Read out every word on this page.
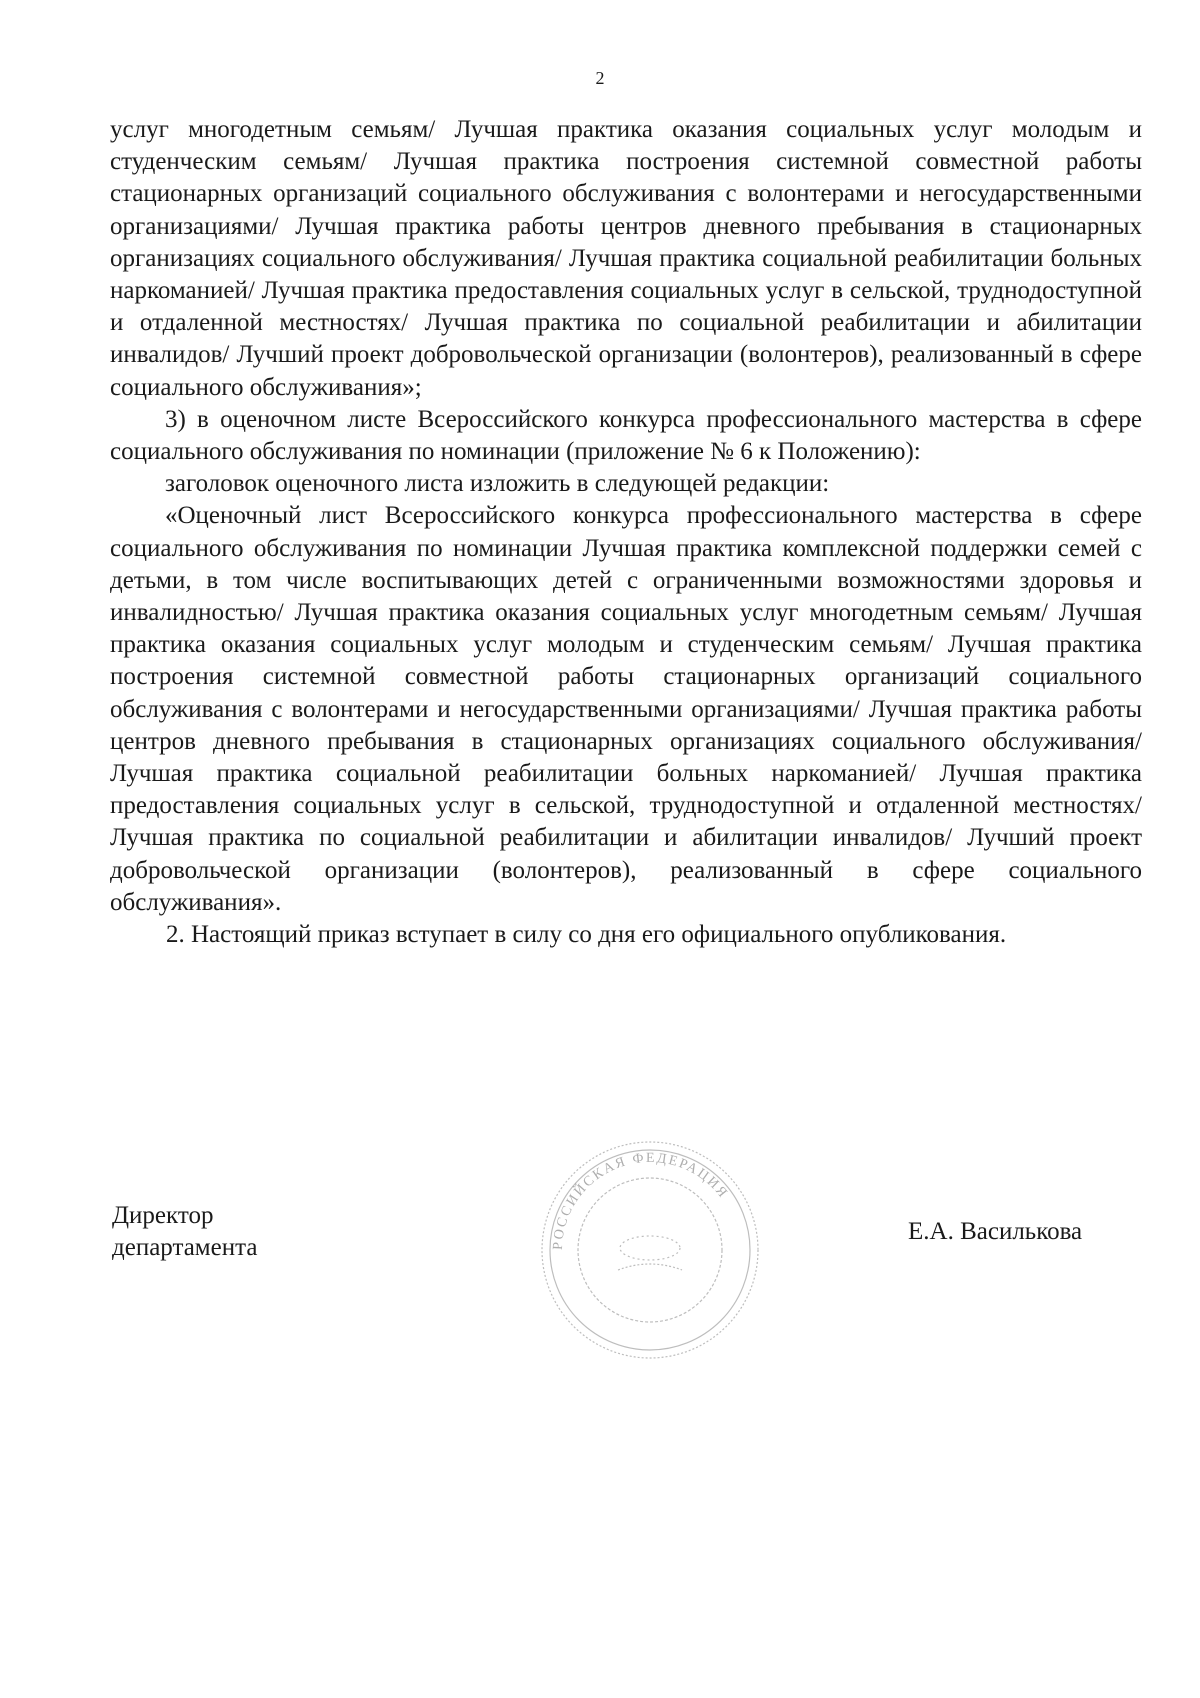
2

услуг многодетным семьям/ Лучшая практика оказания социальных услуг молодым и студенческим семьям/ Лучшая практика построения системной совместной работы стационарных организаций социального обслуживания с волонтерами и негосударственными организациями/ Лучшая практика работы центров дневного пребывания в стационарных организациях социального обслуживания/ Лучшая практика социальной реабилитации больных наркоманией/ Лучшая практика предоставления социальных услуг в сельской, труднодоступной и отдаленной местностях/ Лучшая практика по социальной реабилитации и абилитации инвалидов/ Лучший проект добровольческой организации (волонтеров), реализованный в сфере социального обслуживания»;

3) в оценочном листе Всероссийского конкурса профессионального мастерства в сфере социального обслуживания по номинации (приложение № 6 к Положению):

заголовок оценочного листа изложить в следующей редакции:

«Оценочный лист Всероссийского конкурса профессионального мастерства в сфере социального обслуживания по номинации Лучшая практика комплексной поддержки семей с детьми, в том числе воспитывающих детей с ограниченными возможностями здоровья и инвалидностью/ Лучшая практика оказания социальных услуг многодетным семьям/ Лучшая практика оказания социальных услуг молодым и студенческим семьям/ Лучшая практика построения системной совместной работы стационарных организаций социального обслуживания с волонтерами и негосударственными организациями/ Лучшая практика работы центров дневного пребывания в стационарных организациях социального обслуживания/ Лучшая практика социальной реабилитации больных наркоманией/ Лучшая практика предоставления социальных услуг в сельской, труднодоступной и отдаленной местностях/ Лучшая практика по социальной реабилитации и абилитации инвалидов/ Лучший проект добровольческой организации (волонтеров), реализованный в сфере социального обслуживания».

2. Настоящий приказ вступает в силу со дня его официального опубликования.

Директор
департамента	РОССИЙСКАЯ ФЕДЕРАЦИЯ
Е.А. Василькова
